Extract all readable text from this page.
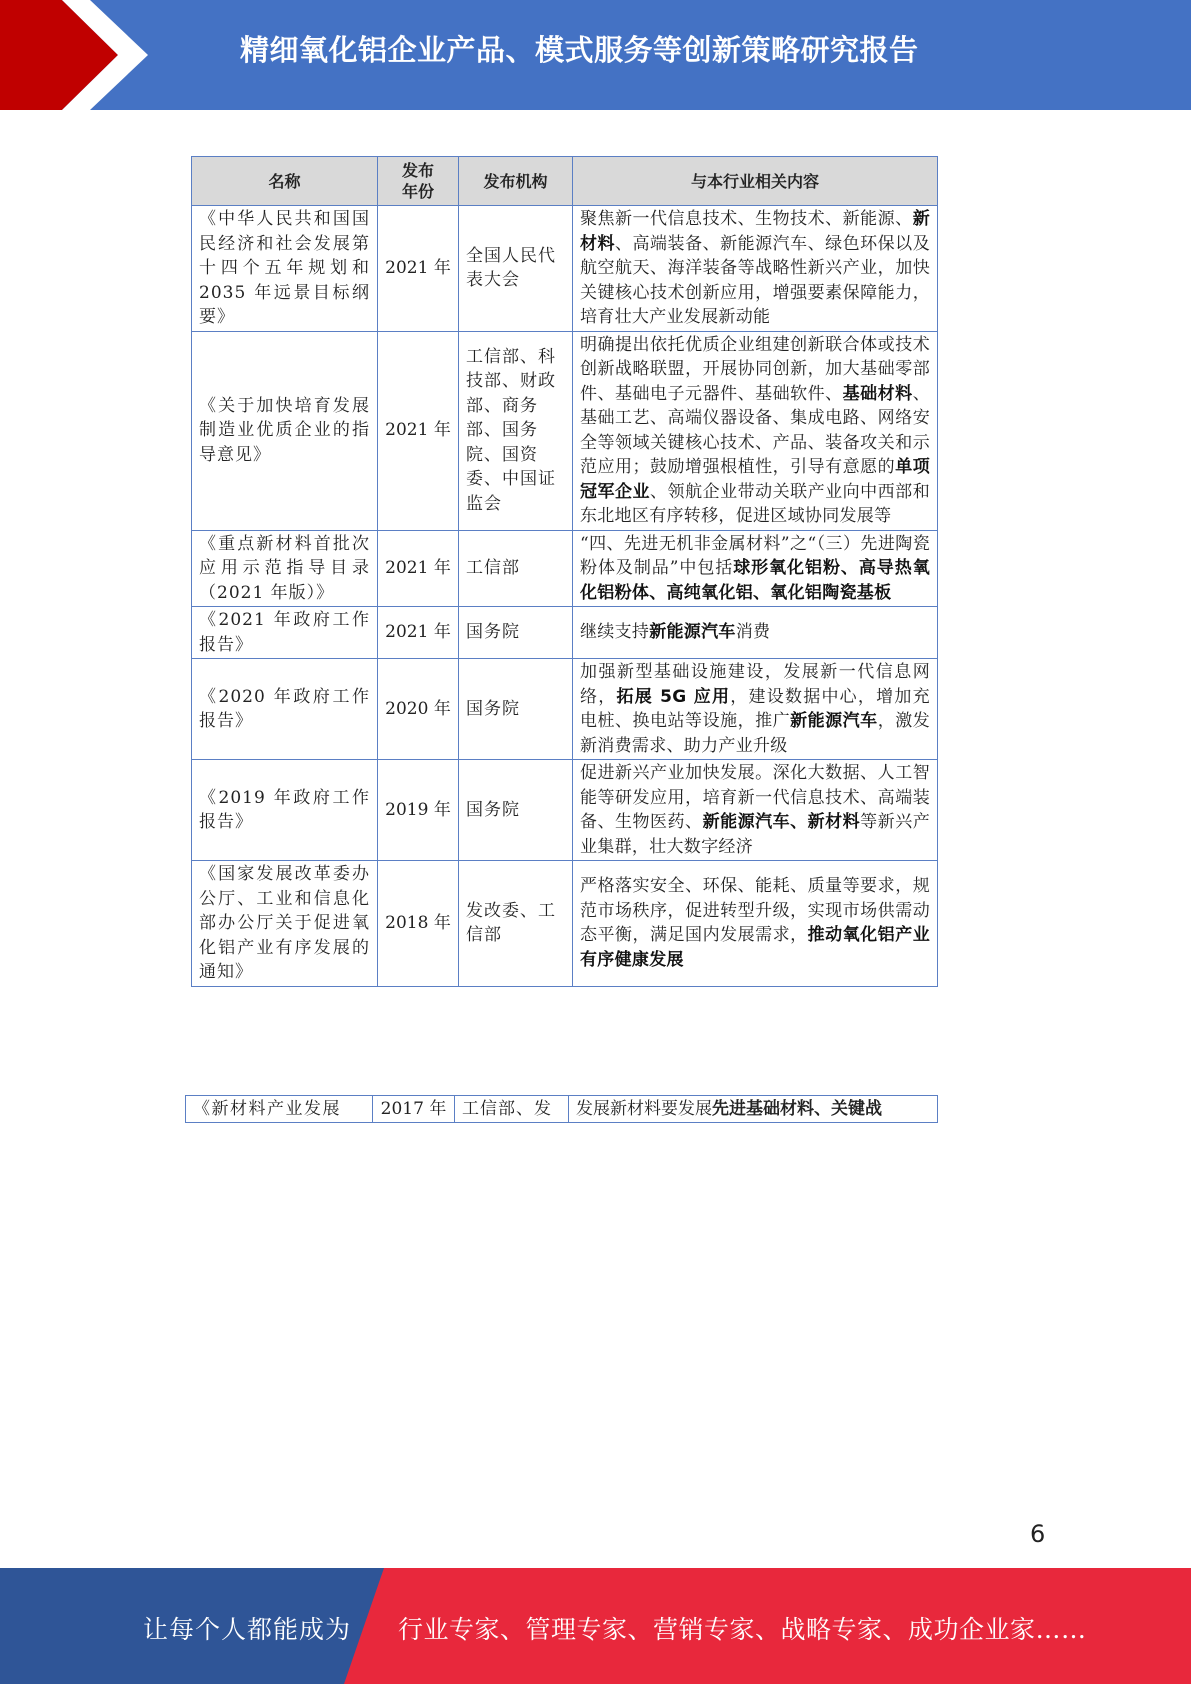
精细氧化铝企业产品、模式服务等创新策略研究报告
名称	发布年份	发布机构	与本行业相关内容
《中华人民共和国国民经济和社会发展第十四个五年规划和 2035 年远景目标纲要》	2021 年	全国人民代表大会	聚焦新一代信息技术、生物技术、新能源、新材料、高端装备、新能源汽车、绿色环保以及航空航天、海洋装备等战略性新兴产业，加快关键核心技术创新应用，增强要素保障能力，培育壮大产业发展新动能
《关于加快培育发展制造业优质企业的指导意见》	2021 年	工信部、科技部、财政部、商务部、国务院、国资委、中国证监会	明确提出依托优质企业组建创新联合体或技术创新战略联盟，开展协同创新，加大基础零部件、基础电子元器件、基础软件、基础材料、基础工艺、高端仪器设备、集成电路、网络安全等领域关键核心技术、产品、装备攻关和示范应用；鼓励增强根植性，引导有意愿的单项冠军企业、领航企业带动关联产业向中西部和东北地区有序转移，促进区域协同发展等
《重点新材料首批次应用示范指导目录（2021 年版）》	2021 年	工信部	“四、先进无机非金属材料”之“（三）先进陶瓷粉体及制品”中包括球形氧化铝粉、高导热氧化铝粉体、高纯氧化铝、氧化铝陶瓷基板
《2021 年政府工作报告》	2021 年	国务院	继续支持新能源汽车消费
《2020 年政府工作报告》	2020 年	国务院	加强新型基础设施建设，发展新一代信息网络，拓展 5G 应用，建设数据中心，增加充电桩、换电站等设施，推广新能源汽车，激发新消费需求、助力产业升级
《2019 年政府工作报告》	2019 年	国务院	促进新兴产业加快发展。深化大数据、人工智能等研发应用，培育新一代信息技术、高端装备、生物医药、新能源汽车、新材料等新兴产业集群，壮大数字经济
《国家发展改革委办公厅、工业和信息化部办公厅关于促进氧化铝产业有序发展的通知》	2018 年	发改委、工信部	严格落实安全、环保、能耗、质量等要求，规范市场秩序，促进转型升级，实现市场供需动态平衡，满足国内发展需求，推动氧化铝产业有序健康发展
《新材料产业发展	2017 年	工信部、发	发展新材料要发展先进基础材料、关键战
6
让每个人都能成为 行业专家、管理专家、营销专家、战略专家、成功企业家……
